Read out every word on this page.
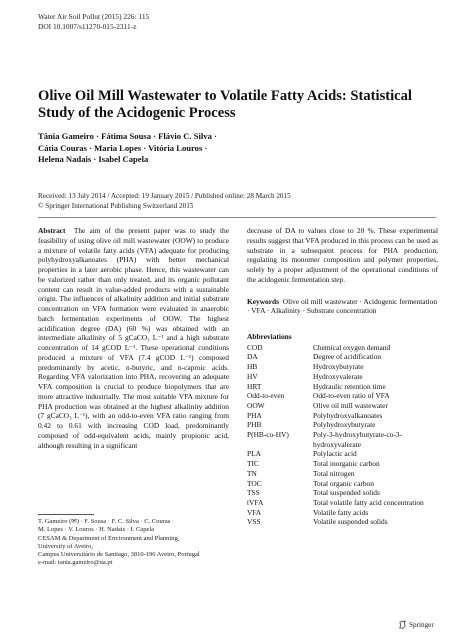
Water Air Soil Pollut (2015) 226: 115
DOI 10.1007/s11270-015-2311-z
Olive Oil Mill Wastewater to Volatile Fatty Acids: Statistical Study of the Acidogenic Process
Tânia Gameiro · Fátima Sousa · Flávio C. Silva ·
Cátia Couras · Maria Lopes · Vitória Louros ·
Helena Nadais · Isabel Capela
Received: 13 July 2014 / Accepted: 19 January 2015 / Published online: 28 March 2015
© Springer International Publishing Switzerland 2015

Abstract The aim of the present paper was to study the feasibility of using olive oil mill wastewater (OOW) to produce a mixture of volatile fatty acids (VFA) adequate for producing polyhydroxyalkanoates (PHA) with better mechanical properties in a later aerobic phase. Hence, this wastewater can be valorized rather than only treated, and its organic pollutant content can result in value-added products with a sustainable origin. The influences of alkalinity addition and initial substrate concentration on VFA formation were evaluated in anaerobic batch fermentation experiments of OOW. The highest acidification degree (DA) (60 %) was obtained with an intermediate alkalinity of 5 gCaCO₃ L⁻¹ and a high substrate concentration of 14 gCOD L⁻¹. These operational conditions produced a mixture of VFA (7.4 gCOD L⁻¹) composed predominantly by acetic, n-butyric, and n-caproic acids. Regarding VFA valorization into PHA, recovering an adequate VFA composition is crucial to produce biopolymers that are more attractive industrially. The most suitable VFA mixture for PHA production was obtained at the highest alkalinity addition (7 gCaCO₃ L⁻¹), with an odd-to-even VFA ratio ranging from 0.42 to 0.61 with increasing COD load, predominantly composed of odd-equivalent acids, mainly propionic acid, although resulting in a significant

decrease of DA to values close to 20 %. These experimental results suggest that VFA produced in this process can be used as substrate in a subsequent process for PHA production, regulating its monomer composition and polymer properties, solely by a proper adjustment of the operational conditions of the acidogenic fermentation step.

Keywords Olive oil mill wastewater · Acidogenic fermentation · VFA · Alkalinity · Substrate concentration

Abbreviations
COD	Chemical oxygen demand
DA	Degree of acidification
HB	Hydroxybutyrate
HV	Hydroxyvalerate
HRT	Hydraulic retention time
Odd-to-even	Odd-to-even ratio of VFA
OOW	Olive oil mill wastewater
PHA	Polyhydroxyalkanoates
PHB	Polyhydroxybutyrate
P(HB-co-HV)	Poly-3-hydroxybutyrate-co-3-hydroxyvalerate
PLA	Polylactic acid
TIC	Total inorganic carbon
TN	Total nitrogen
TOC	Total organic carbon
TSS	Total suspended solids
tVFA	Total volatile fatty acid concentration
VFA	Volatile fatty acids
VSS	Volatile suspended solids
T. Gameiro (✉) · F. Sousa · F. C. Silva · C. Couras ·
M. Lopes · V. Louros · H. Nadais · I. Capela
CESAM & Department of Environment and Planning,
University of Aveiro,
Campus Universitário de Santiago, 3810-196 Aveiro, Portugal
e-mail: tania.gameiro@ua.pt
Springer
